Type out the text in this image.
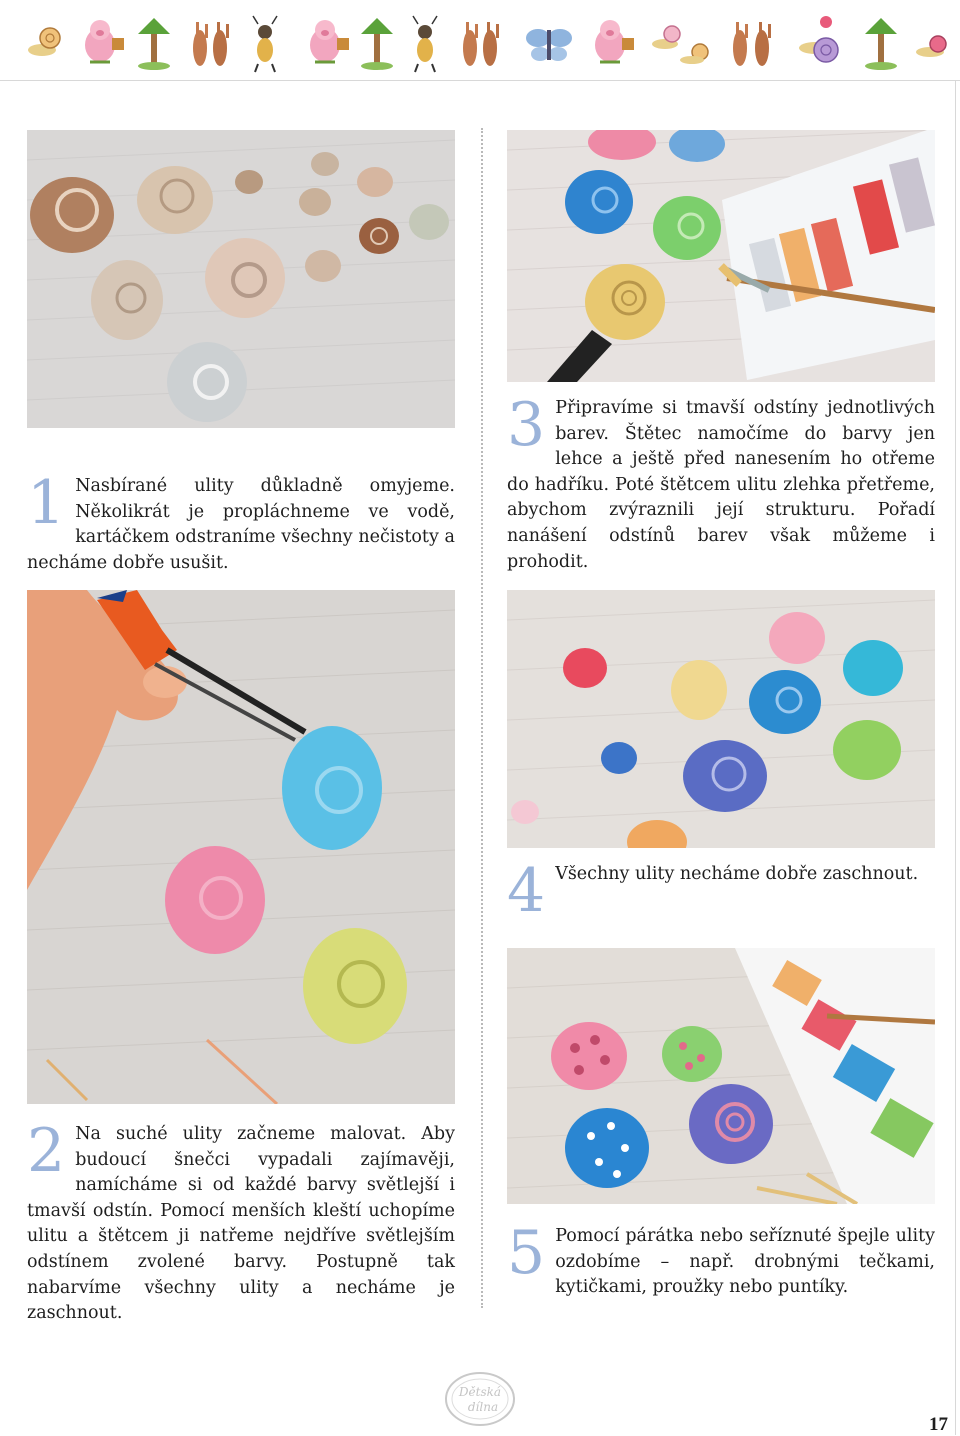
1 Nasbírané ulity důkladně omyjeme. Několikrát je propláchneme ve vodě, kartáčkem odstraníme všechny nečistoty a necháme dobře usušit.
3 Připravíme si tmavší odstíny jednotlivých barev. Štětec namočíme do barvy jen lehce a ještě před nanesením ho otřeme do hadříku. Poté štětcem ulitu zlehka přetřeme, abychom zvýraznili její strukturu. Pořadí nanášení odstínů barev však můžeme i prohodit.
2 Na suché ulity začneme malovat. Aby budoucí šnečci vypadali zajímavěji, namícháme si od každé barvy světlejší i tmavší odstín. Pomocí menších kleští uchopíme ulitu a štětcem ji natřeme nejdříve světlejším odstínem zvolené barvy. Postupně tak nabarvíme všechny ulity a necháme je zaschnout.
4 Všechny ulity necháme dobře zaschnout.
5 Pomocí párátka nebo seříznuté špejle ulity ozdobíme – např. drobnými tečkami, kytičkami, proužky nebo puntíky.
Dětská
dílna
17
